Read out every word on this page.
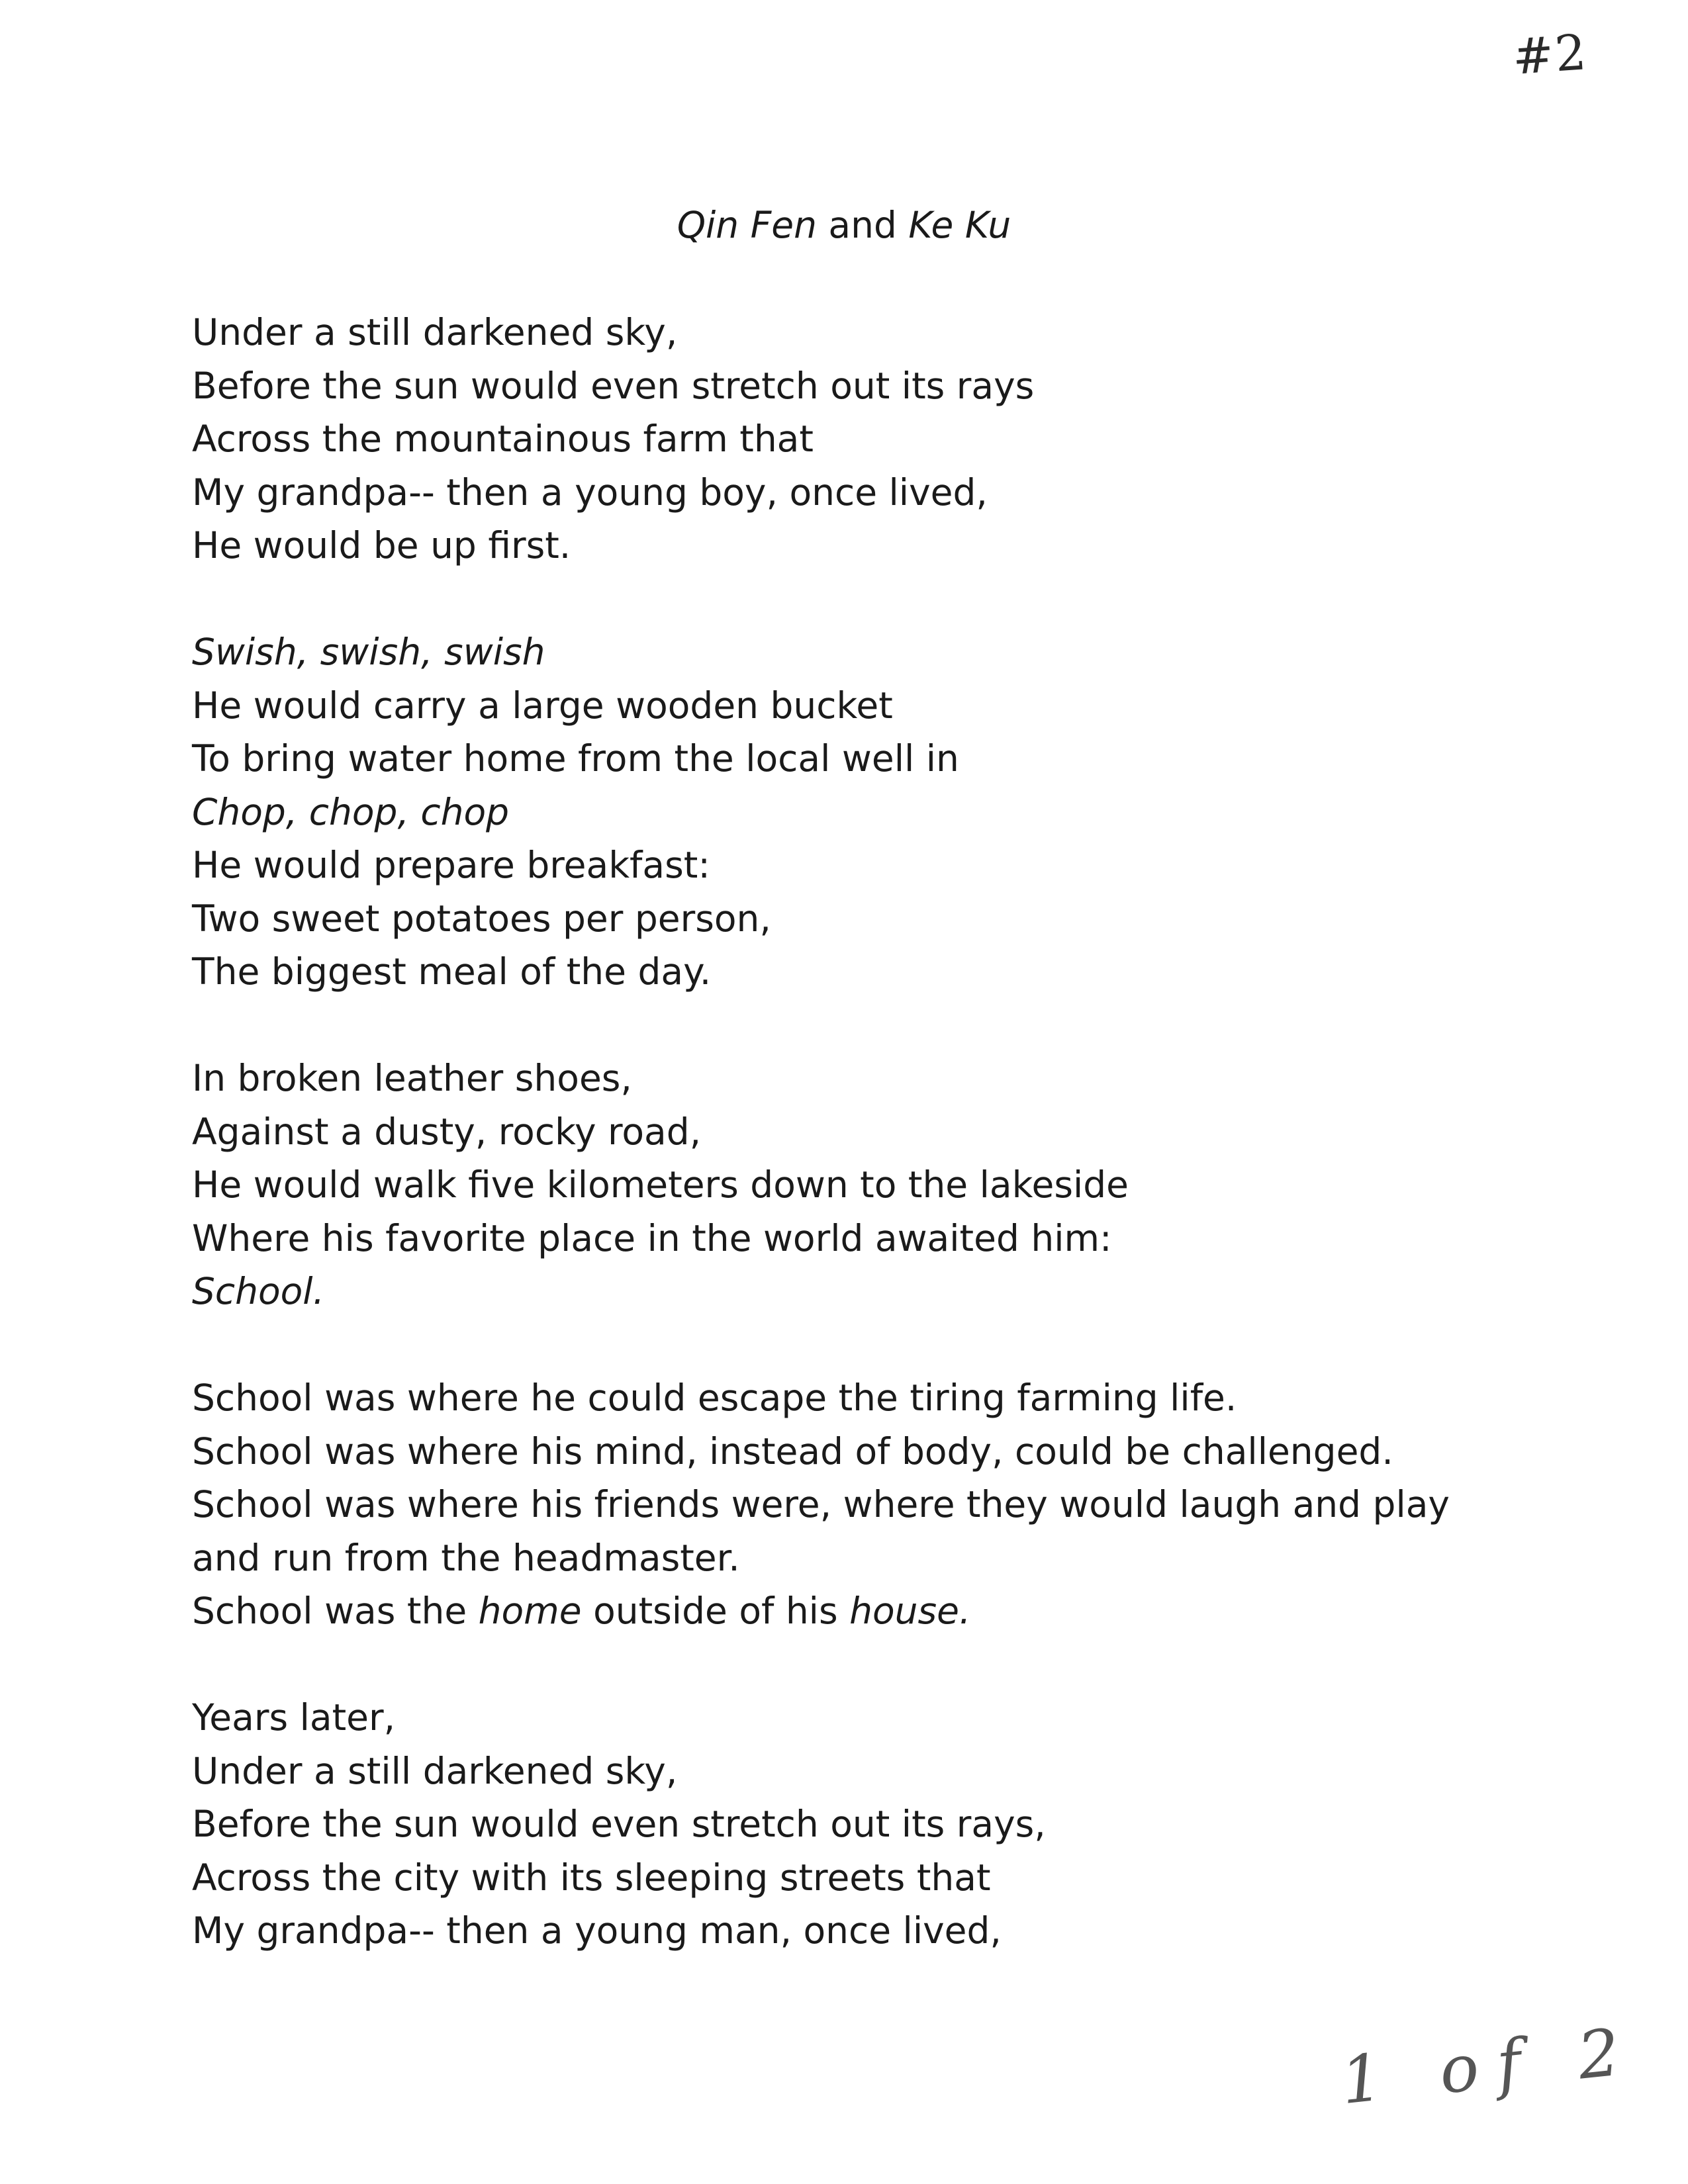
#2
Qin Fen and Ke Ku
Under a still darkened sky,
Before the sun would even stretch out its rays
Across the mountainous farm that
My grandpa-- then a young boy, once lived,
He would be up first.
Swish, swish, swish
He would carry a large wooden bucket
To bring water home from the local well in
Chop, chop, chop
He would prepare breakfast:
Two sweet potatoes per person,
The biggest meal of the day.
In broken leather shoes,
Against a dusty, rocky road,
He would walk five kilometers down to the lakeside
Where his favorite place in the world awaited him:
School.
School was where he could escape the tiring farming life.
School was where his mind, instead of body, could be challenged.
School was where his friends were, where they would laugh and play
and run from the headmaster.
School was the home outside of his house.
Years later,
Under a still darkened sky,
Before the sun would even stretch out its rays,
Across the city with its sleeping streets that
My grandpa-- then a young man, once lived,
1 of 2
